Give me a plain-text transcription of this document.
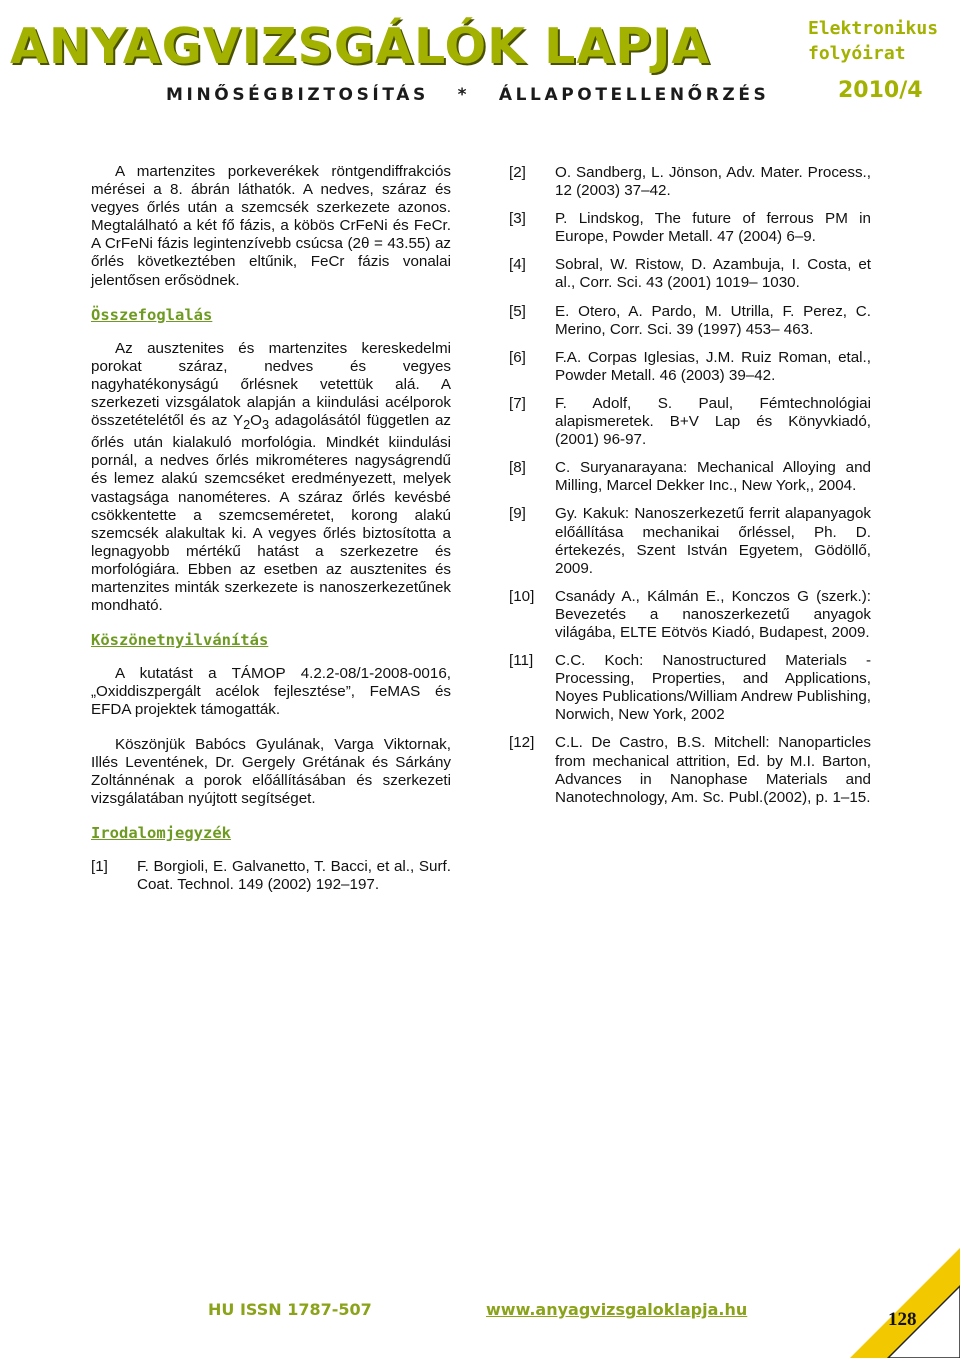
ANYAGVIZSGÁLÓK LAPJA
MINŐSÉGBIZTOSÍTÁS * ÁLLAPOTELLENŐRZÉS
Elektronikus
folyóirat
2010/4

A martenzites porkeverékek röntgendiffrakciós mérései a 8. ábrán láthatók. A nedves, száraz és vegyes őrlés után a szemcsék szerkezete azonos. Megtalálható a két fő fázis, a köbös CrFeNi és FeCr. A CrFeNi fázis legintenzívebb csúcsa (2θ = 43.55) az őrlés következtében eltűnik, FeCr fázis vonalai jelentősen erősödnek.

Összefoglalás

Az ausztenites és martenzites kereskedelmi porokat száraz, nedves és vegyes nagyhatékonyságú őrlésnek vetettük alá. A szerkezeti vizsgálatok alapján a kiindulási acélporok összetételétől és az $Y_2O_3$ adagolásától független az őrlés után kialakuló morfológia. Mindkét kiindulási pornál, a nedves őrlés mikrométeres nagyságrendű és lemez alakú szemcséket eredményezett, melyek vastagsága nanométeres. A száraz őrlés kevésbé csökkentette a szemcseméretet, korong alakú szemcsék alakultak ki. A vegyes őrlés biztosította a legnagyobb mértékű hatást a szerkezetre és morfológiára. Ebben az esetben az ausztenites és martenzites minták szerkezete is nanoszerkezetűnek mondható.

Köszönetnyilvánítás

A kutatást a TÁMOP 4.2.2-08/1-2008-0016, „Oxiddiszpergált acélok fejlesztése”, FeMAS és EFDA projektek támogatták.

Köszönjük Babócs Gyulának, Varga Viktornak, Illés Leventének, Dr. Gergely Grétának és Sárkány Zoltánnénak a porok előállításában és szerkezeti vizsgálatában nyújtott segítséget.

Irodalomjegyzék
[1]	F. Borgioli, E. Galvanetto, T. Bacci, et al., Surf. Coat. Technol. 149 (2002) 192–197.
[2]	O. Sandberg, L. Jönson, Adv. Mater. Process., 12 (2003) 37–42.
[3]	P. Lindskog, The future of ferrous PM in Europe, Powder Metall. 47 (2004) 6–9.
[4]	Sobral, W. Ristow, D. Azambuja, I. Costa, et al., Corr. Sci. 43 (2001) 1019– 1030.
[5]	E. Otero, A. Pardo, M. Utrilla, F. Perez, C. Merino, Corr. Sci. 39 (1997) 453– 463.
[6]	F.A. Corpas Iglesias, J.M. Ruiz Roman, etal., Powder Metall. 46 (2003) 39–42.
[7]	F. Adolf, S. Paul, Fémtechnológiai alapismeretek. B+V Lap és Könyvkiadó, (2001) 96-97.
[8]	C. Suryanarayana: Mechanical Alloying and Milling, Marcel Dekker Inc., New York,, 2004.
[9]	Gy. Kakuk: Nanoszerkezetű ferrit alapanyagok előállítása mechanikai őrléssel, Ph. D. értekezés, Szent István Egyetem, Gödöllő, 2009.
[10]	Csanády A., Kálmán E., Konczos G (szerk.): Bevezetés a nanoszerkezetű anyagok világába, ELTE Eötvös Kiadó, Budapest, 2009.
[11]	C.C. Koch: Nanostructured Materials - Processing, Properties, and Applications, Noyes Publications/William Andrew Publishing, Norwich, New York, 2002
[12]	C.L. De Castro, B.S. Mitchell: Nanoparticles from mechanical attrition, Ed. by M.I. Barton, Advances in Nanophase Materials and Nanotechnology, Am. Sc. Publ.(2002), p. 1–15.
HU ISSN 1787-507	www.anyagvizsgaloklapja.hu	128
